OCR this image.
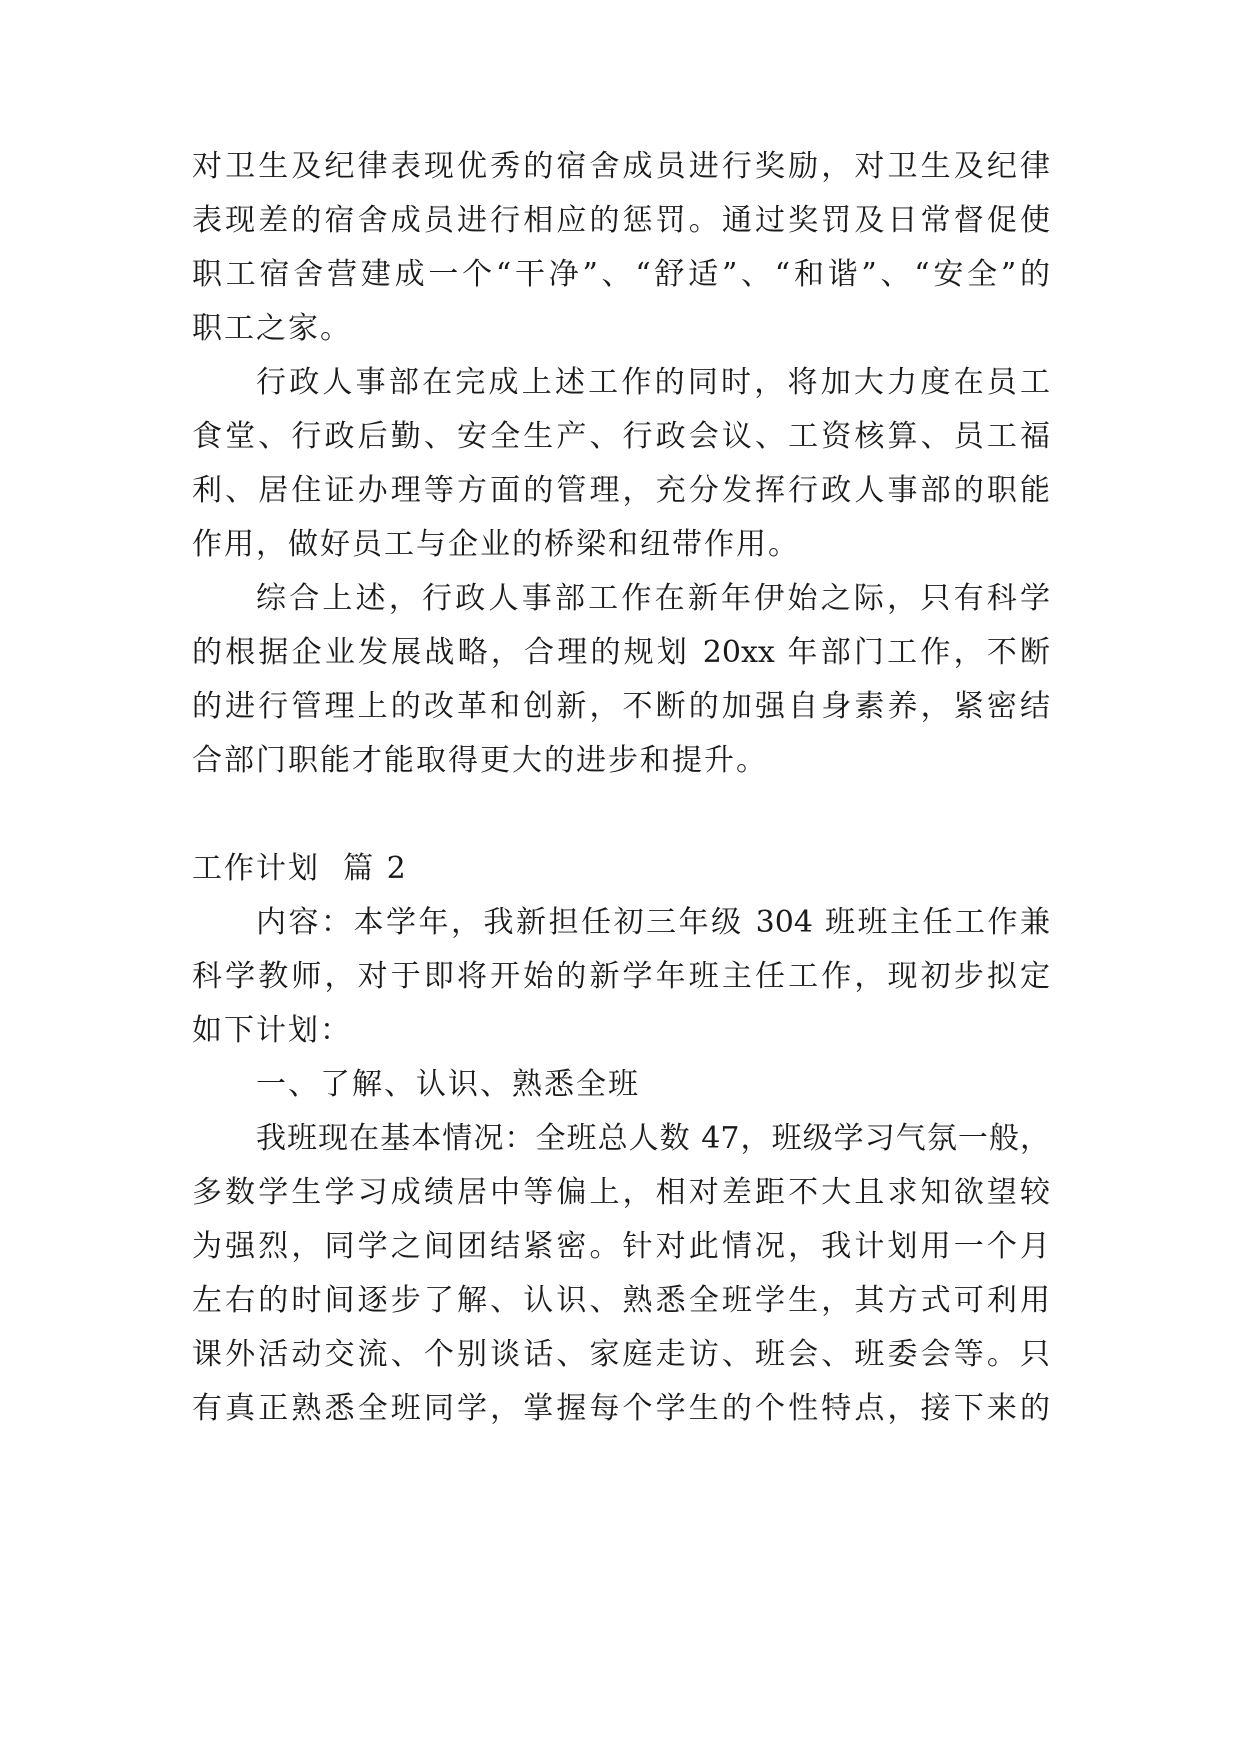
对卫生及纪律表现优秀的宿舍成员进行奖励，对卫生及纪律
表现差的宿舍成员进行相应的惩罚。通过奖罚及日常督促使
职工宿舍营建成一个“干净”、“舒适”、“和谐”、“安全”的
职工之家。
行政人事部在完成上述工作的同时，将加大力度在员工
食堂、行政后勤、安全生产、行政会议、工资核算、员工福
利、居住证办理等方面的管理，充分发挥行政人事部的职能
作用，做好员工与企业的桥梁和纽带作用。
综合上述，行政人事部工作在新年伊始之际，只有科学
的根据企业发展战略，合理的规划 20xx 年部门工作，不断
的进行管理上的改革和创新，不断的加强自身素养，紧密结
合部门职能才能取得更大的进步和提升。
工作计划  篇 2
内容：本学年，我新担任初三年级 304 班班主任工作兼
科学教师，对于即将开始的新学年班主任工作，现初步拟定
如下计划：
一、了解、认识、熟悉全班
我班现在基本情况：全班总人数 47，班级学习气氛一般，
多数学生学习成绩居中等偏上，相对差距不大且求知欲望较
为强烈，同学之间团结紧密。针对此情况，我计划用一个月
左右的时间逐步了解、认识、熟悉全班学生，其方式可利用
课外活动交流、个别谈话、家庭走访、班会、班委会等。只
有真正熟悉全班同学，掌握每个学生的个性特点，接下来的
